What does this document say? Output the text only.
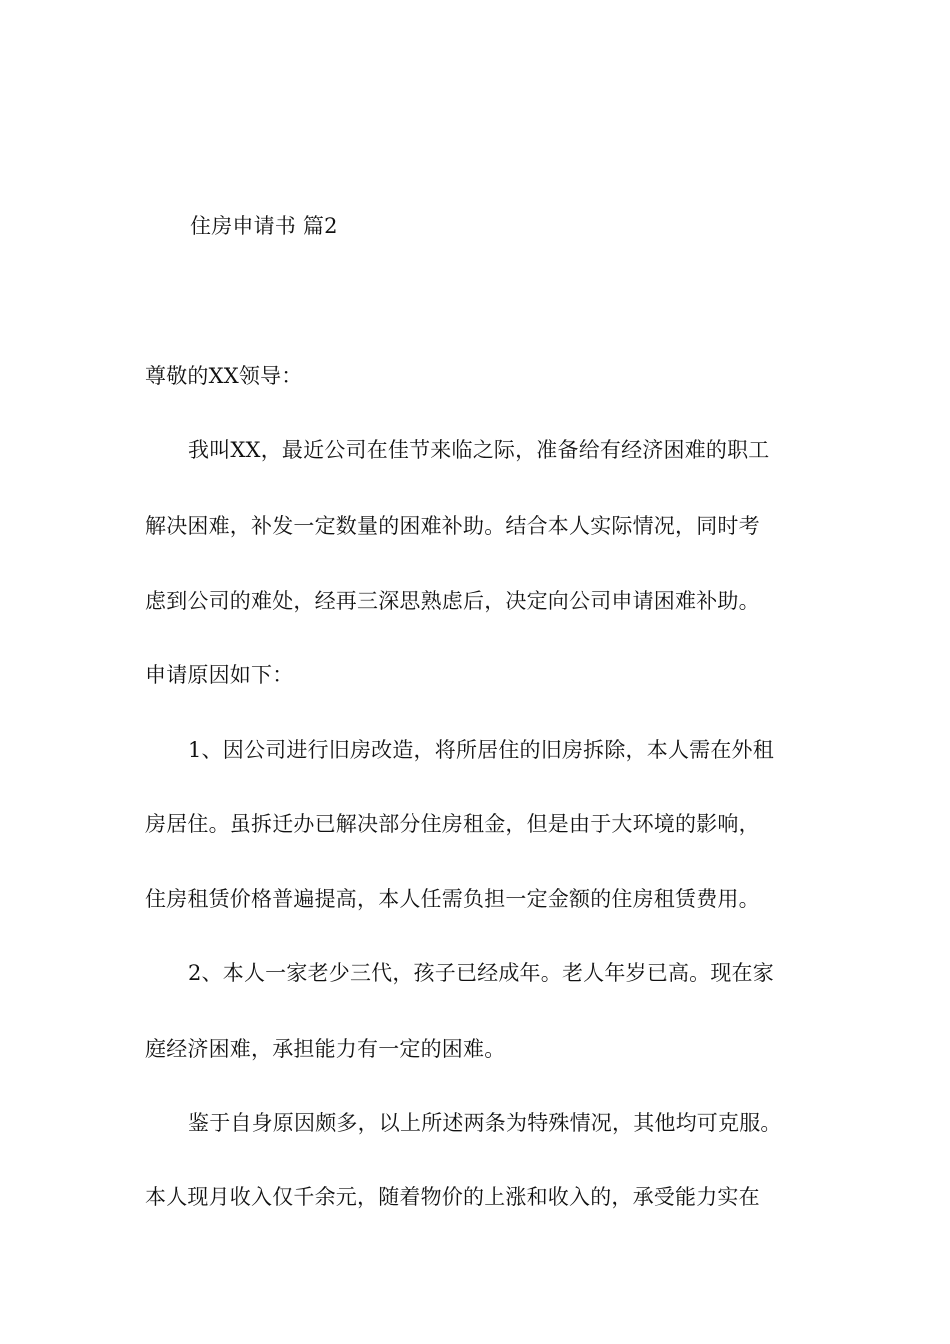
住房申请书 篇2
尊敬的XX领导：
我叫XX，最近公司在佳节来临之际，准备给有经济困难的职工
解决困难，补发一定数量的困难补助。结合本人实际情况，同时考
虑到公司的难处，经再三深思熟虑后，决定向公司申请困难补助。
申请原因如下：
1、因公司进行旧房改造，将所居住的旧房拆除，本人需在外租
房居住。虽拆迁办已解决部分住房租金，但是由于大环境的影响，
住房租赁价格普遍提高，本人任需负担一定金额的住房租赁费用。
2、本人一家老少三代，孩子已经成年。老人年岁已高。现在家
庭经济困难，承担能力有一定的困难。
鉴于自身原因颇多，以上所述两条为特殊情况，其他均可克服。
本人现月收入仅千余元，随着物价的上涨和收入的，承受能力实在
